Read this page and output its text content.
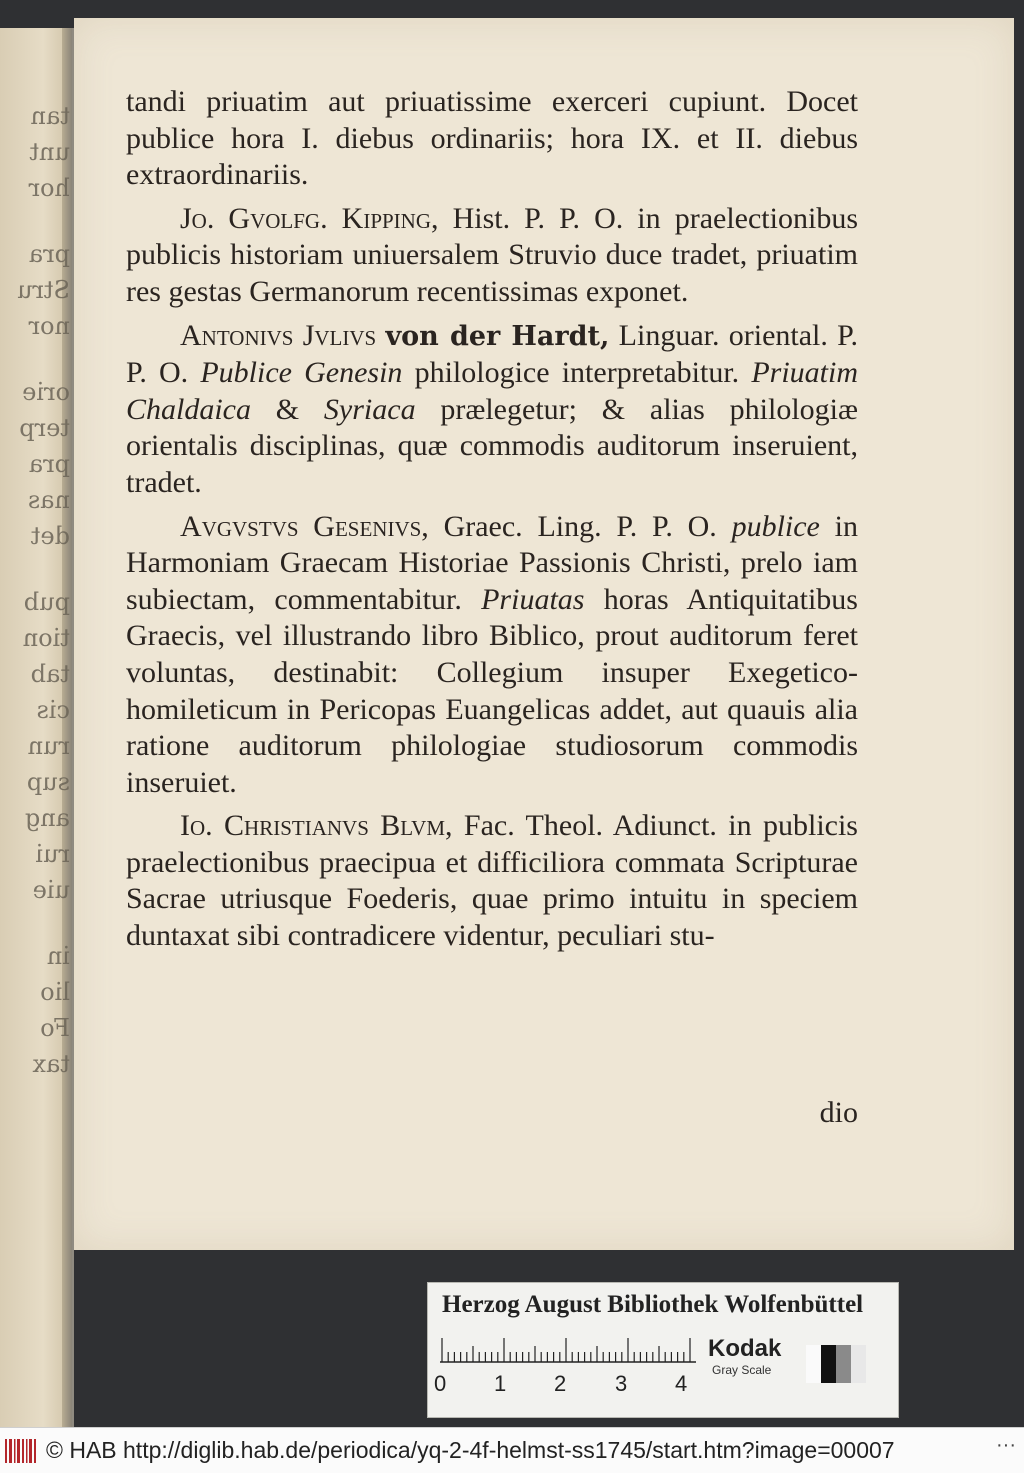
tan
unt
hor
pra
Stru
nor
orie
terp
pra
nas
det
pub
tion
tab
cis
run
sup
ang
rui
uie
in
lio
Fo
tax

tandi priuatim aut priuatissime exerceri cupiunt. Docet publice hora I. diebus ordinariis; hora IX. et II. diebus extraordinariis.

Jo. Gvolfg. Kipping, Hist. P. P. O. in praelectionibus publicis historiam uniuersalem Struvio duce tradet, priuatim res gestas Germanorum recentissimas exponet.

Antonivs Jvlivs von der Hardt, Linguar. oriental. P. P. O. Publice Genesin philologice interpretabitur. Priuatim Chaldaica & Syriaca prælegetur; & alias philologiæ orientalis disciplinas, quæ commodis auditorum inseruient, tradet.

Avgvstvs Gesenivs, Graec. Ling. P. P. O. publice in Harmoniam Graecam Historiae Passionis Christi, prelo iam subiectam, commentabitur. Priuatas horas Antiquitatibus Graecis, vel illustrando libro Biblico, prout auditorum feret voluntas, destinabit: Collegium insuper Exegetico-homileticum in Pericopas Euangelicas addet, aut quauis alia ratione auditorum philologiae studiosorum commodis inseruiet.

Io. Christianvs Blvm, Fac. Theol. Adiunct. in publicis praelectionibus praecipua et difficiliora commata Scripturae Sacrae utriusque Foederis, quae primo intuitu in speciem duntaxat sibi contradicere videntur, peculiari stu-

dio
Herzog August Bibliothek Wolfenbüttel
0 1 2 3 4
Kodak
Gray Scale
© HAB http://diglib.hab.de/periodica/yq-2-4f-helmst-ss1745/start.htm?image=00007	···
